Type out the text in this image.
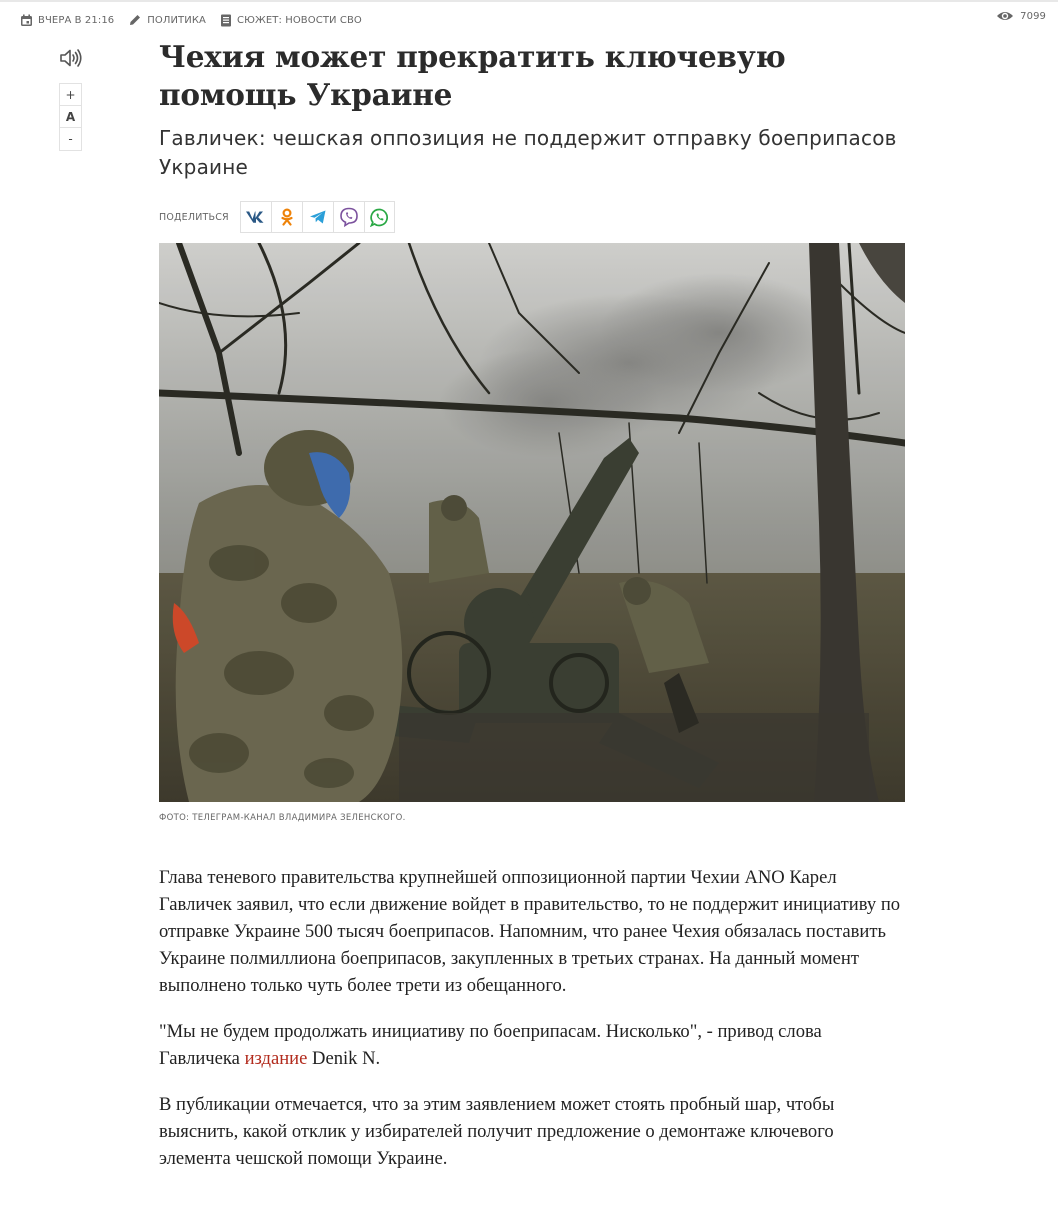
ВЧЕРА В 21:16	ПОЛИТИКА	СЮЖЕТ:
НОВОСТИ СВО	7099
+
A
-
Чехия может прекратить ключевую помощь Украине
Гавличек: чешская оппозиция не поддержит отправку боеприпасов Украине
ПОДЕЛИТЬСЯ
ФОТО: ТЕЛЕГРАМ-КАНАЛ ВЛАДИМИРА ЗЕЛЕНСКОГО.

Глава теневого правительства крупнейшей оппозиционной партии Чехии ANO Карел Гавличек заявил, что если движение войдет в правительство, то не поддержит инициативу по отправке Украине 500 тысяч боеприпасов. Напомним, что ранее Чехия обязалась поставить Украине полмиллиона боеприпасов, закупленных в третьих странах. На данный момент выполнено только чуть более трети из обещанного.

"Мы не будем продолжать инициативу по боеприпасам. Нисколько", - привод слова Гавличека издание Denik N.

В публикации отмечается, что за этим заявлением может стоять пробный шар, чтобы выяснить, какой отклик у избирателей получит предложение о демонтаже ключевого элемента чешской помощи Украине.
